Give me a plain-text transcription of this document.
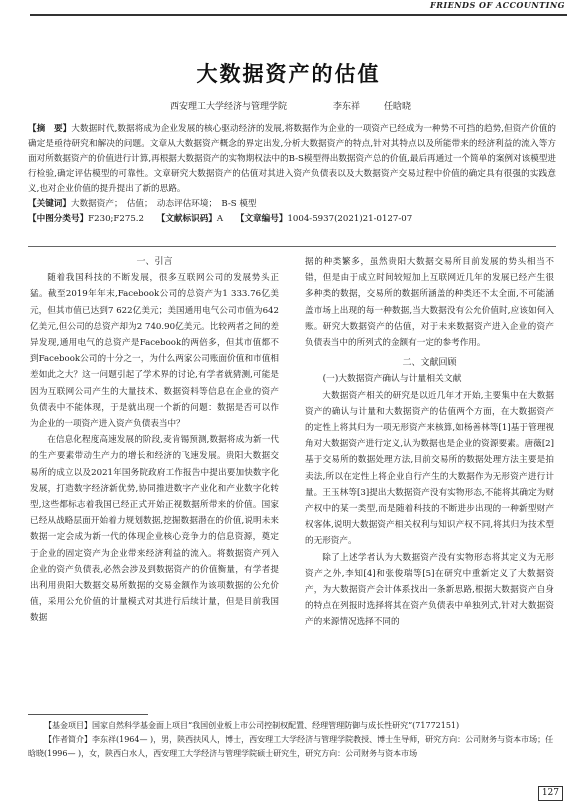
FRIENDS OF ACCOUNTING
大数据资产的估值
西安理工大学经济与管理学院	李东祥	任晗晓

【摘　要】大数据时代,数据将成为企业发展的核心驱动经济的发展,将数据作为企业的一项资产已经成为一种势不可挡的趋势,但资产价值的确定是亟待研究和解决的问题。文章从大数据资产概念的界定出发,分析大数据资产的特点,针对其特点以及所能带来的经济利益的流入等方面对所数据资产的价值进行计算,再根据大数据资产的实物期权法中的B-S模型得出数据资产总的价值,最后再通过一个简单的案例对该模型进行检验,确定评估模型的可靠性。文章研究大数据资产的估值对其进入资产负债表以及大数据资产交易过程中价值的确定具有很强的实践意义,也对企业价值的提升提出了新的思路。

【关键词】大数据资产；　估值；　动态评估环境；　B-S 模型

【中图分类号】F230;F275.2 【文献标识码】A 【文章编号】1004-5937(2021)21-0127-07

一、引言

随着我国科技的不断发展，很多互联网公司的发展势头正猛。截至2019年年末,Facebook公司的总资产为1 333.76亿美元，但其市值已达到7 622亿美元；美国通用电气公司市值为642亿美元,但公司的总资产却为2 740.90亿美元。比较两者之间的差异发现,通用电气的总资产是Facebook的两倍多，但其市值都不到Facebook公司的十分之一，为什么两家公司账面价值和市值相差如此之大？这一问题引起了学术界的讨论,有学者就猜测,可能是因为互联网公司产生的大量技术、数据资料等信息在企业的资产负债表中不能体现，于是就出现一个新的问题：数据是否可以作为企业的一项资产进入资产负债表当中？

在信息化程度高速发展的阶段,麦肯锡预测,数据将成为新一代的生产要素带动生产力的增长和经济的飞速发展。贵阳大数据交易所的成立以及2021年国务院政府工作报告中提出要加快数字化发展，打造数字经济新优势,协同推进数字产业化和产业数字化转型,这些都标志着我国已经正式开始正视数据所带来的价值。国家已经从战略层面开始着力规划数据,挖掘数据潜在的价值,说明未来数据一定会成为新一代的体现企业核心竞争力的信息资源，奠定于企业的固定资产为企业带来经济利益的流入。将数据资产列入企业的资产负债表,必然会涉及到数据资产的价值衡量，有学者提出利用贵阳大数据交易所数据的交易金额作为该项数据的公允价值，采用公允价值的计量模式对其进行后续计量，但是目前我国数据

据的种类繁多，虽然贵阳大数据交易所目前发展的势头相当不错，但是由于成立时间较短加上互联网近几年的发展已经产生很多种类的数据，交易所的数据所涵盖的种类还不太全面,不可能涵盖市场上出现的每一种数据,当大数据没有公允价值时,应该如何入账。研究大数据资产的估值，对于未来数据资产进入企业的资产负债表当中的所列式的金额有一定的参考作用。

二、文献回顾
(一)大数据资产确认与计量相关文献

大数据资产相关的研究是以近几年才开始,主要集中在大数据资产的确认与计量和大数据资产的估值两个方面，在大数据资产的定性上将其归为一项无形资产来核算,如杨善林等[1]基于管理视角对大数据资产进行定义,认为数据也是企业的资源要素。唐薇[2]基于交易所的数据处理方法,目前交易所的数据处理方法主要是拍卖法,所以在定性上将企业自行产生的大数据作为无形资产进行计量。王玉林等[3]提出大数据资产没有实物形态,不能将其确定为财产权中的某一类型,而是随着科技的不断进步出现的一种新型财产权客体,说明大数据资产相关权利与知识产权不同,将其归为技术型的无形资产。

除了上述学者认为大数据资产没有实物形态将其定义为无形资产之外,李知[4]和张俊瑞等[5]在研究中重新定义了大数据资产，为大数据资产会计体系找出一条新思路,根据大数据资产自身的特点在列报时选择将其在资产负债表中单独列式,针对大数据资产的来源情况选择不同的

【基金项目】国家自然科学基金面上项目“我国创业板上市公司控制权配置、经理管理防御与成长性研究”(71772151)

【作者简介】李东祥(1964— )，男，陕西扶风人，博士，西安理工大学经济与管理学院教授、博士生导师，研究方向：公司财务与资本市场；任晗晓(1996— )，女，陕西白水人，西安理工大学经济与管理学院硕士研究生，研究方向：公司财务与资本市场

127
